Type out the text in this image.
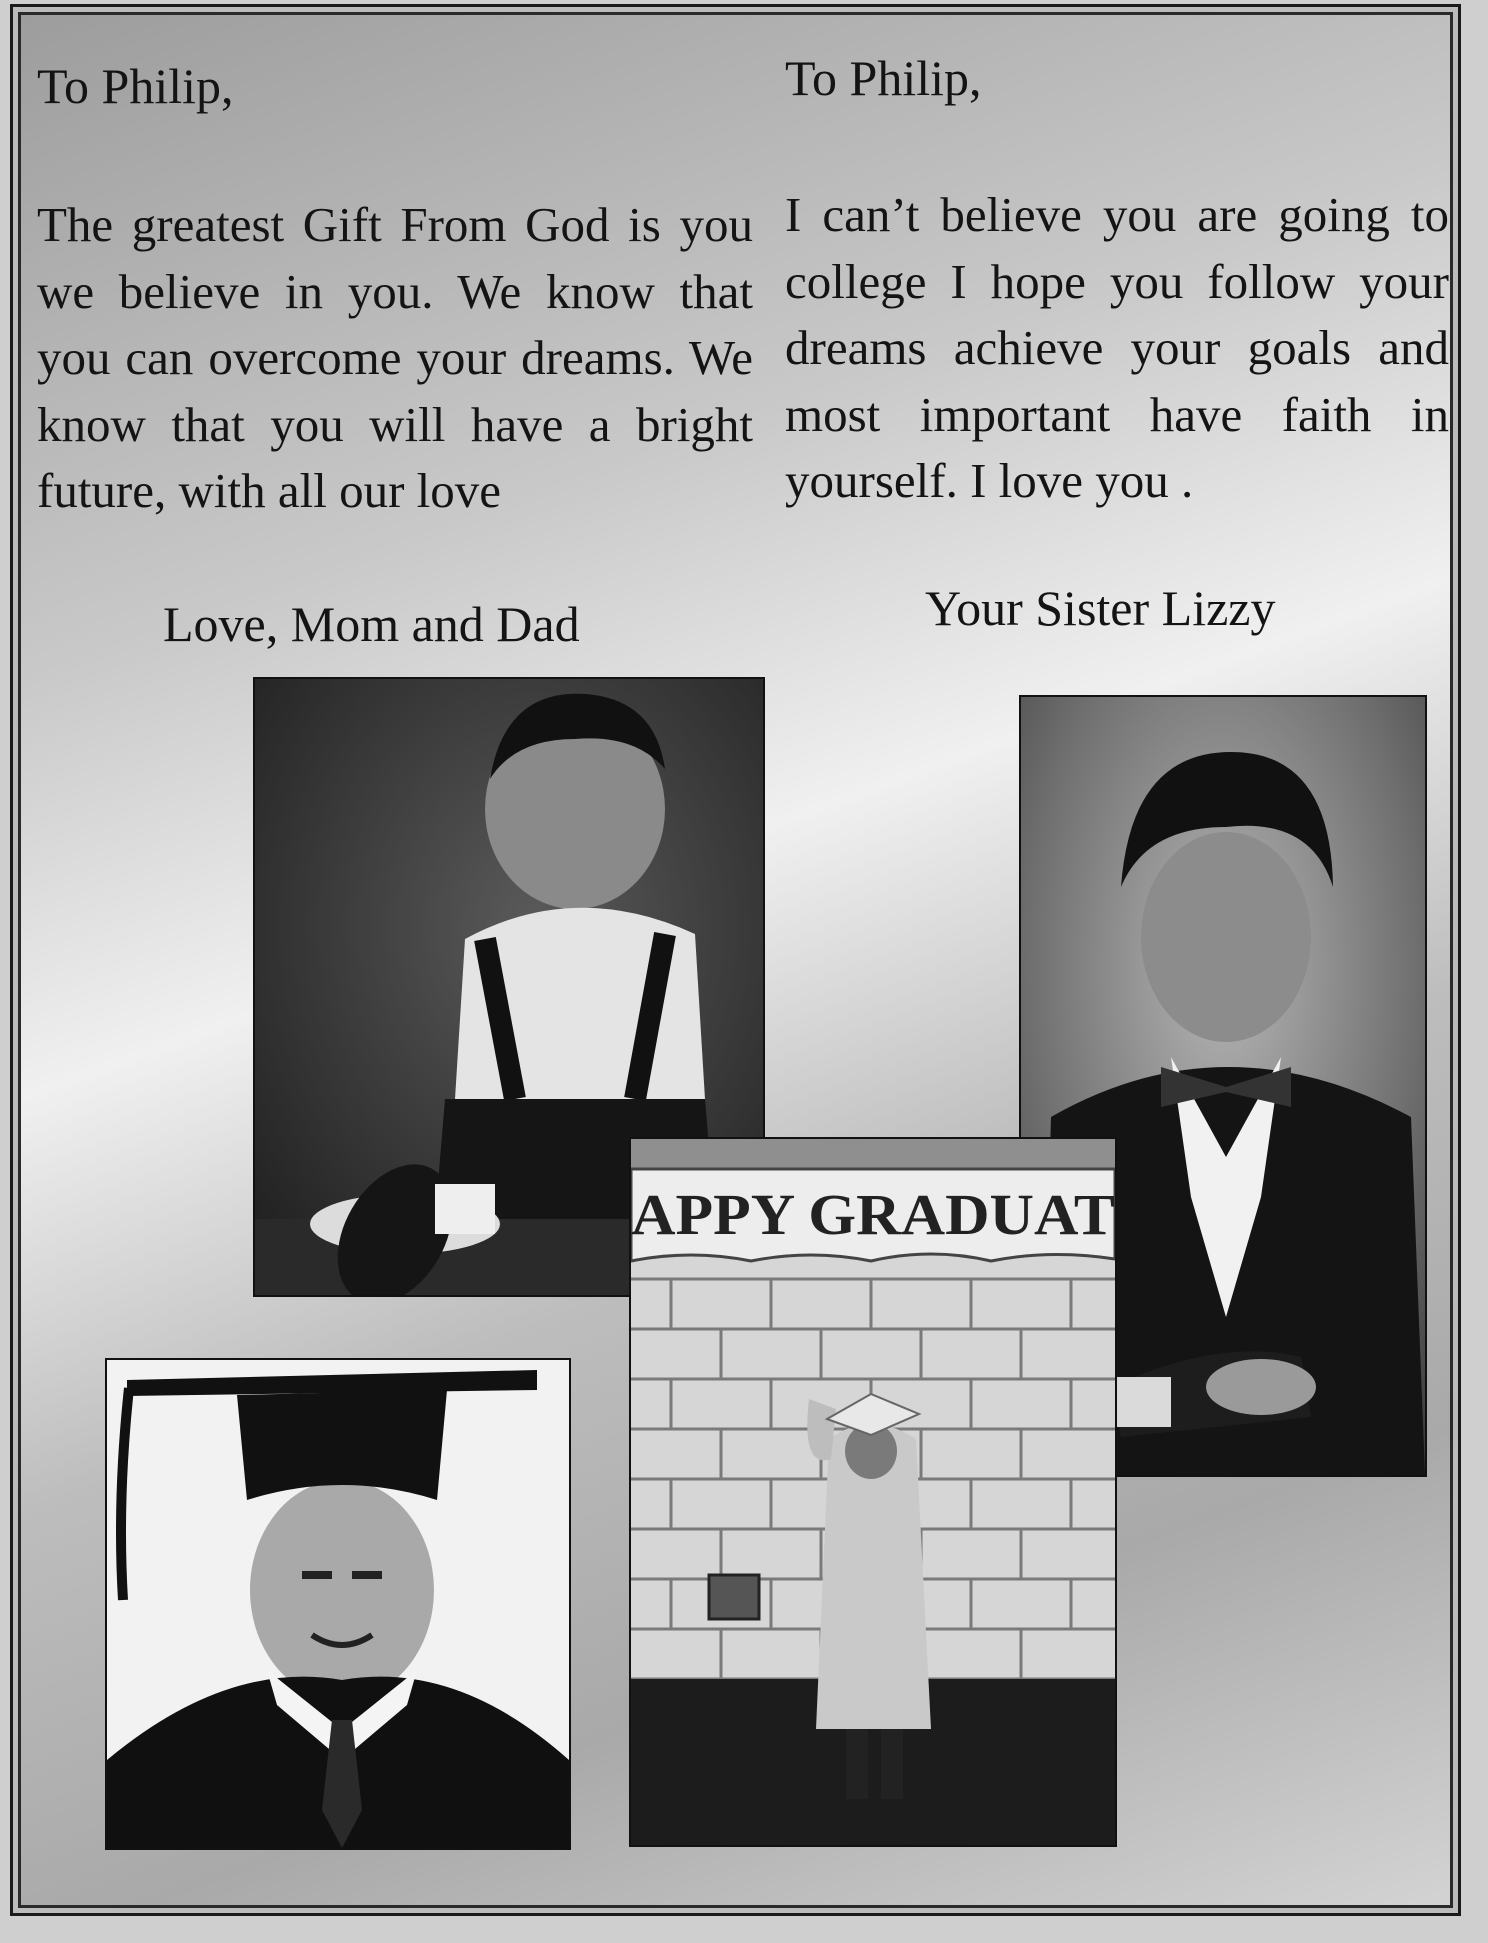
To Philip,
The greatest Gift From God is you we believe in you. We know that you can overcome your dreams. We know that you will have a bright future, with all our love
Love, Mom and Dad
To Philip,
I can’t believe you are going to college I hope you follow your dreams achieve your goals and most important have faith in yourself. I love you .
Your Sister Lizzy
APPY GRADUAT
